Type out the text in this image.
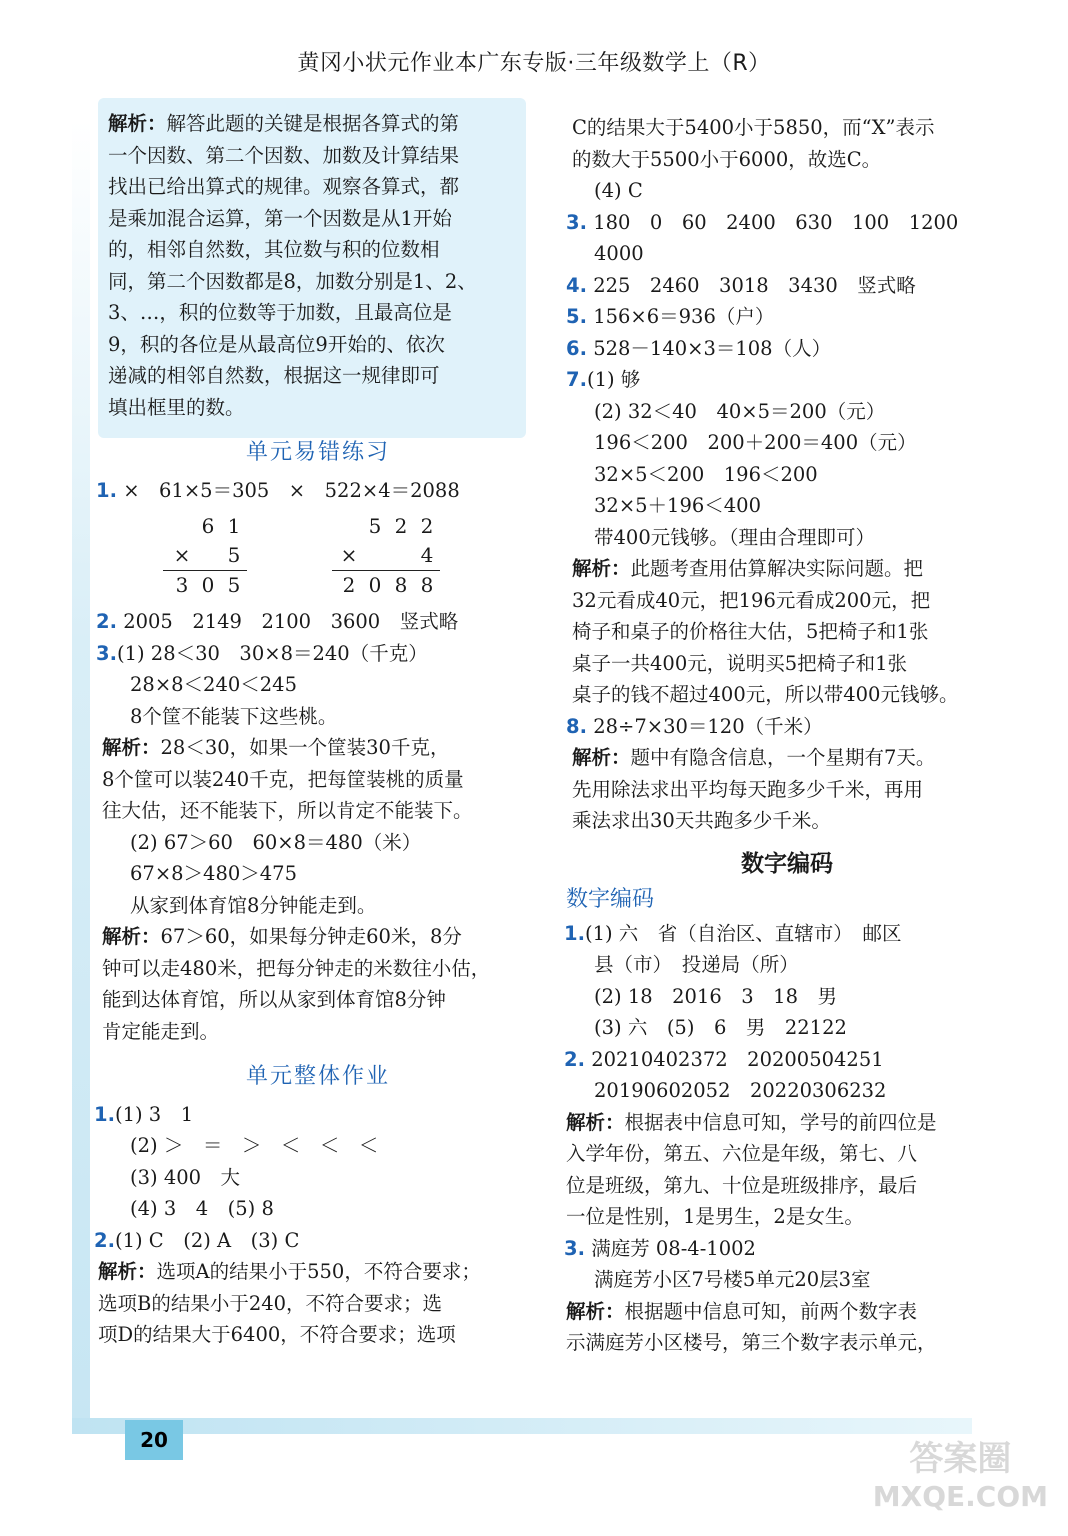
黄冈小状元作业本广东专版·三年级数学上（R）
解析：解答此题的关键是根据各算式的第
一个因数、第二个因数、加数及计算结果
找出已给出算式的规律。观察各算式，都
是乘加混合运算，第一个因数是从1开始
的，相邻自然数，其位数与积的位数相
同，第二个因数都是8，加数分别是1、2、
3、…，积的位数等于加数，且最高位是
9，积的各位是从最高位9开始的、依次
递减的相邻自然数，根据这一规律即可
填出框里的数。
单元易错练习
1. ×　61×5＝305　×　522×4＝2088
6 1
×	5
3 0 5
5 2 2
×	4
2 0 8 8
2. 2005　2149　2100　3600　竖式略
3.(1) 28＜30　30×8＝240（千克）
28×8＜240＜245
8个筐不能装下这些桃。
解析：28＜30，如果一个筐装30千克，
8个筐可以装240千克，把每筐装桃的质量
往大估，还不能装下，所以肯定不能装下。
(2) 67＞60　60×8＝480（米）
67×8＞480＞475
从家到体育馆8分钟能走到。
解析：67＞60，如果每分钟走60米，8分
钟可以走480米，把每分钟走的米数往小估，
能到达体育馆，所以从家到体育馆8分钟
肯定能走到。
单元整体作业
1.(1) 3　1
(2) ＞　＝　＞　＜　＜　＜
(3) 400　大
(4) 3　4　(5) 8
2.(1) C　(2) A　(3) C
解析：选项A的结果小于550，不符合要求；
选项B的结果小于240，不符合要求；选
项D的结果大于6400，不符合要求；选项
C的结果大于5400小于5850，而“X”表示
的数大于5500小于6000，故选C。
(4) C
3. 180　0　60　2400　630　100　1200
4000
4. 225　2460　3018　3430　竖式略
5. 156×6＝936（户）
6. 528－140×3＝108（人）
7.(1) 够
(2) 32＜40　40×5＝200（元）
196＜200　200＋200＝400（元）
32×5＜200　196＜200
32×5＋196＜400
带400元钱够。（理由合理即可）
解析：此题考查用估算解决实际问题。把
32元看成40元，把196元看成200元，把
椅子和桌子的价格往大估，5把椅子和1张
桌子一共400元，说明买5把椅子和1张
桌子的钱不超过400元，所以带400元钱够。
8. 28÷7×30＝120（千米）
解析：题中有隐含信息，一个星期有7天。
先用除法求出平均每天跑多少千米，再用
乘法求出30天共跑多少千米。
数字编码
数字编码
1.(1) 六　省（自治区、直辖市）　邮区
县（市）　投递局（所）
(2) 18　2016　3　18　男
(3) 六　(5)　6　男　22122
2. 20210402372　20200504251
20190602052　20220306232
解析：根据表中信息可知，学号的前四位是
入学年份，第五、六位是年级，第七、八
位是班级，第九、十位是班级排序，最后
一位是性别，1是男生，2是女生。
3. 满庭芳 08-4-1002
满庭芳小区7号楼5单元20层3室
解析：根据题中信息可知，前两个数字表
示满庭芳小区楼号，第三个数字表示单元，
20	答案圈
MXQE.COM
